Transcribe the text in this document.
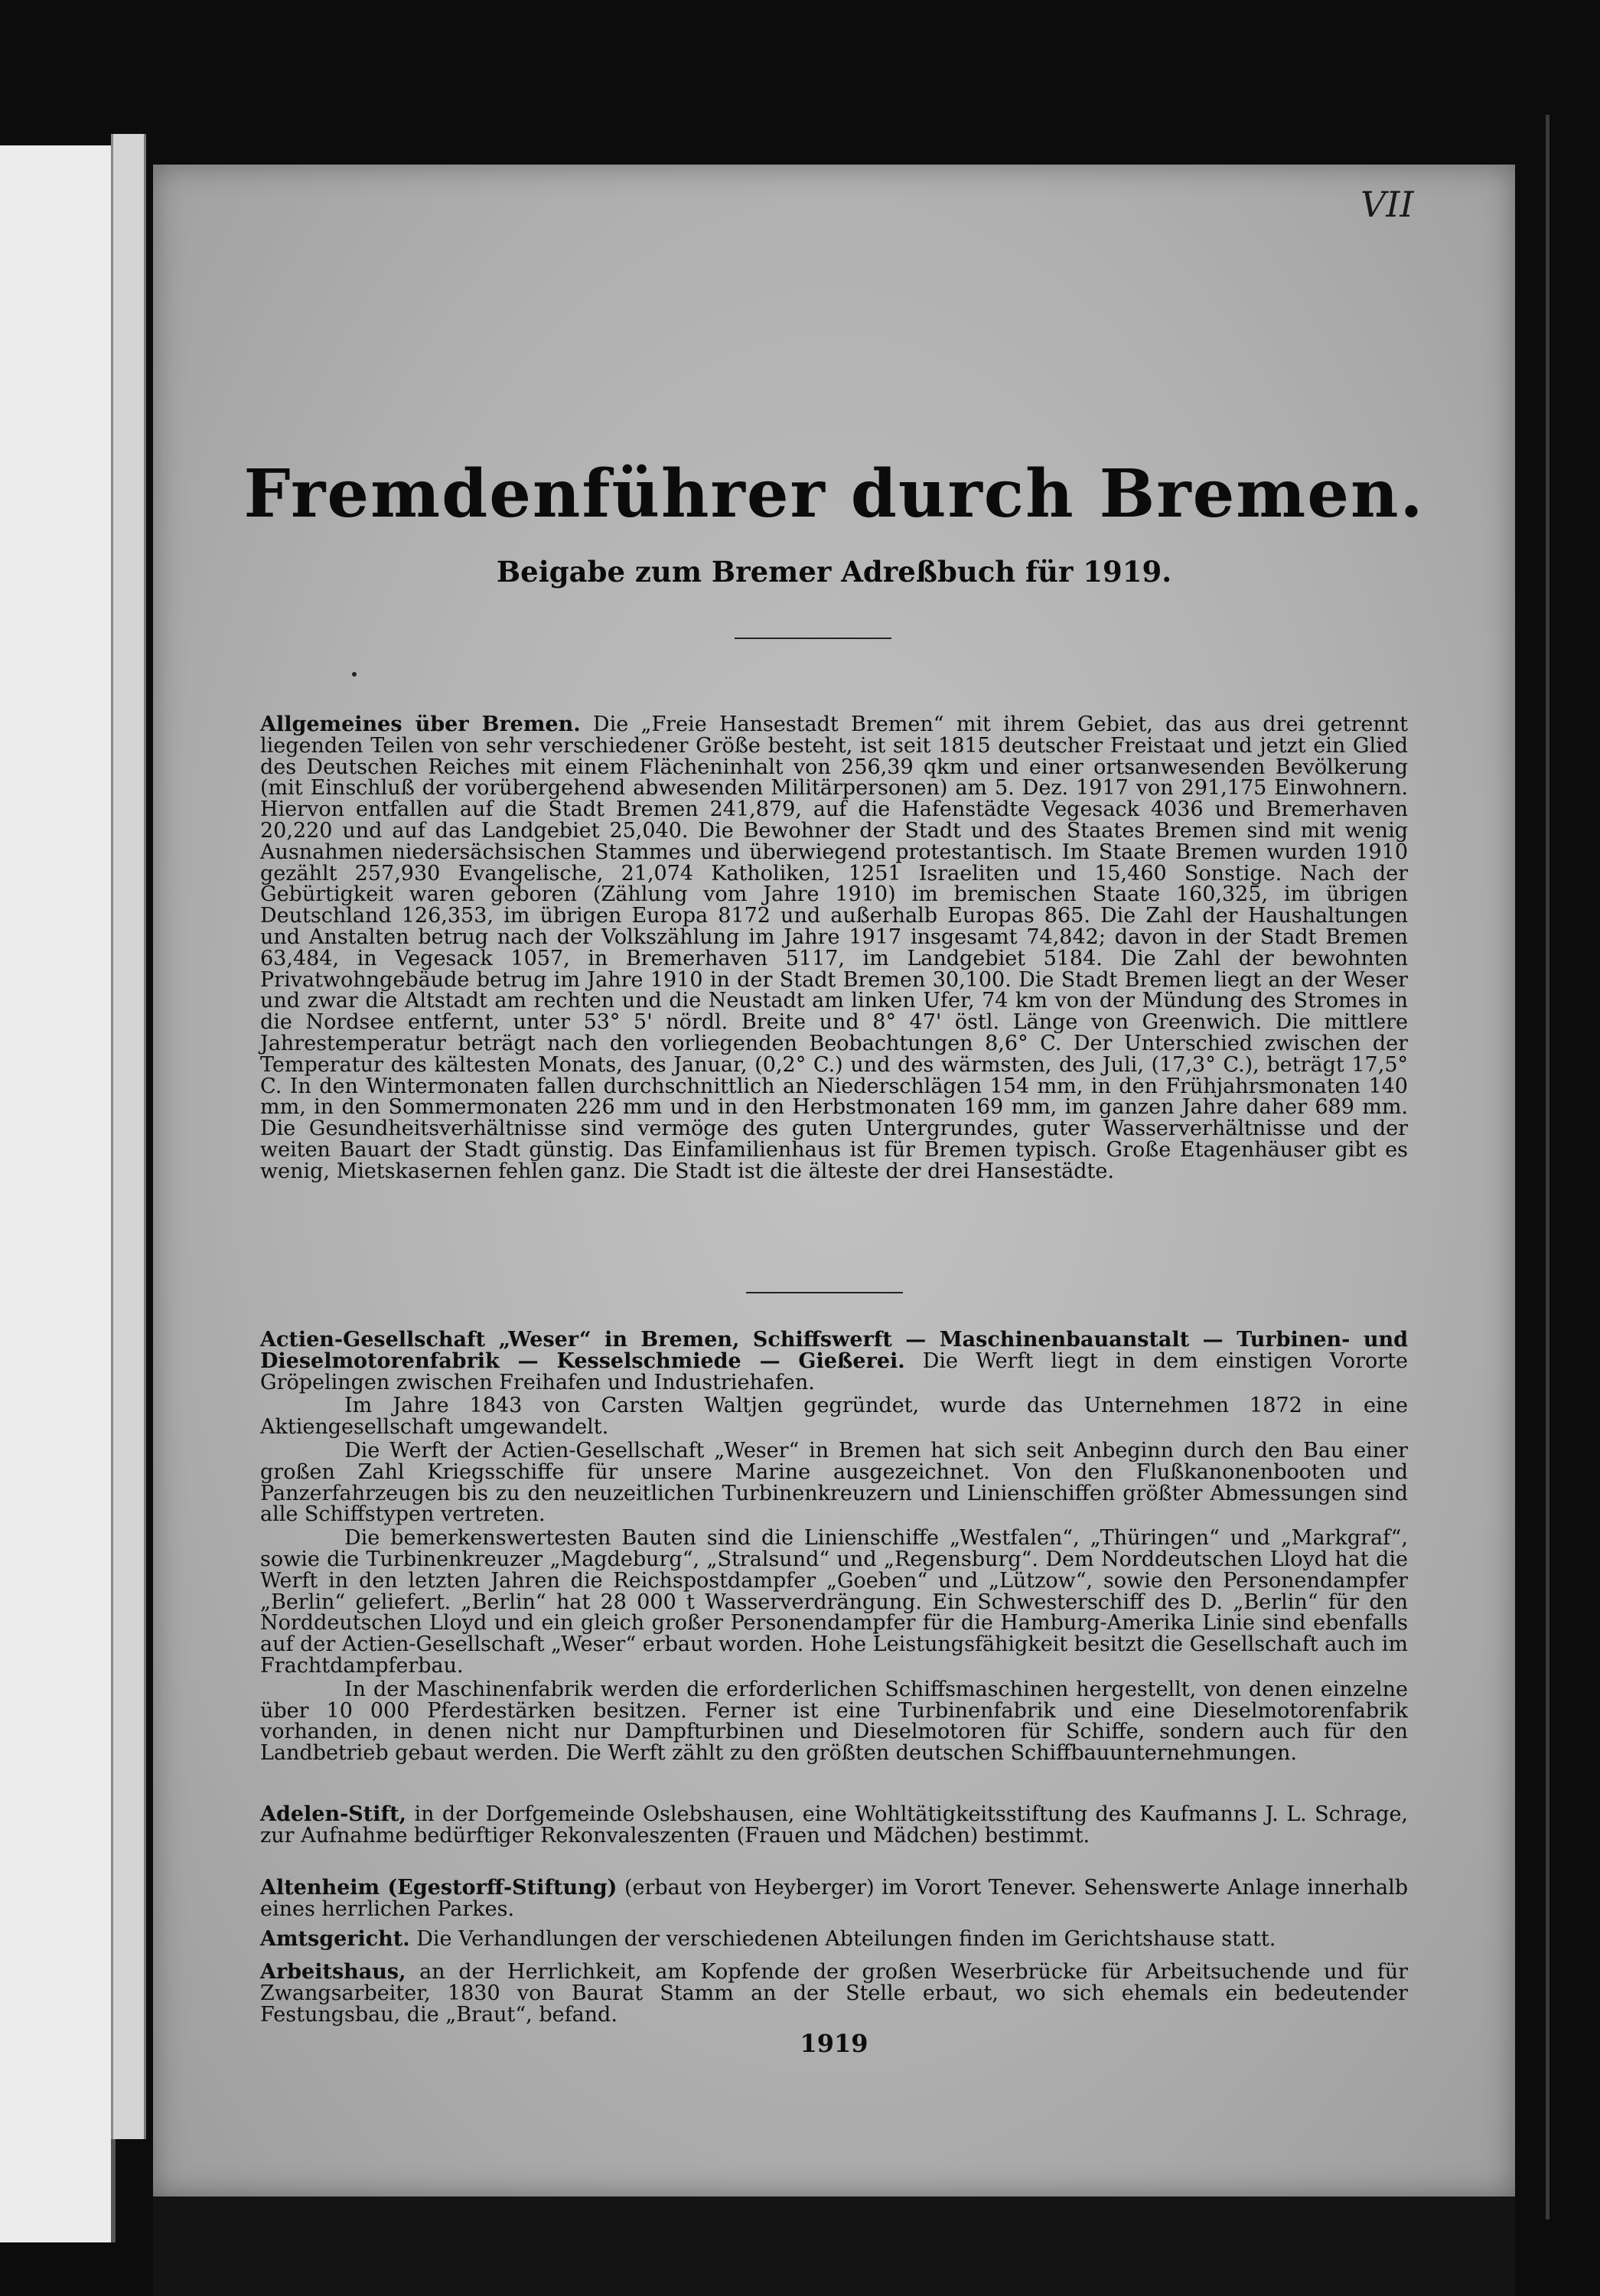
VII
Fremdenführer durch Bremen.
Beigabe zum Bremer Adreßbuch für 1919.

Allgemeines über Bremen. Die „Freie Hansestadt Bremen“ mit ihrem Gebiet, das aus drei getrennt liegenden Teilen von sehr verschiedener Größe besteht, ist seit 1815 deutscher Freistaat und jetzt ein Glied des Deutschen Reiches mit einem Flächeninhalt von 256,39 qkm und einer ortsanwesenden Bevölkerung (mit Einschluß der vorübergehend abwesenden Militärpersonen) am 5. Dez. 1917 von 291,175 Einwohnern. Hiervon entfallen auf die Stadt Bremen 241,879, auf die Hafenstädte Vegesack 4036 und Bremerhaven 20,220 und auf das Landgebiet 25,040. Die Bewohner der Stadt und des Staates Bremen sind mit wenig Ausnahmen niedersächsischen Stammes und überwiegend protestantisch. Im Staate Bremen wurden 1910 gezählt 257,930 Evangelische, 21,074 Katholiken, 1251 Israeliten und 15,460 Sonstige. Nach der Gebürtigkeit waren geboren (Zählung vom Jahre 1910) im bremischen Staate 160,325, im übrigen Deutschland 126,353, im übrigen Europa 8172 und außerhalb Europas 865. Die Zahl der Haushaltungen und Anstalten betrug nach der Volkszählung im Jahre 1917 insgesamt 74,842; davon in der Stadt Bremen 63,484, in Vegesack 1057, in Bremerhaven 5117, im Landgebiet 5184. Die Zahl der bewohnten Privatwohngebäude betrug im Jahre 1910 in der Stadt Bremen 30,100. Die Stadt Bremen liegt an der Weser und zwar die Altstadt am rechten und die Neustadt am linken Ufer, 74 km von der Mündung des Stromes in die Nordsee entfernt, unter 53° 5' nördl. Breite und 8° 47' östl. Länge von Greenwich. Die mittlere Jahrestemperatur beträgt nach den vorliegenden Beobachtungen 8,6° C. Der Unterschied zwischen der Temperatur des kältesten Monats, des Januar, (0,2° C.) und des wärmsten, des Juli, (17,3° C.), beträgt 17,5° C. In den Wintermonaten fallen durchschnittlich an Niederschlägen 154 mm, in den Frühjahrsmonaten 140 mm, in den Sommermonaten 226 mm und in den Herbstmonaten 169 mm, im ganzen Jahre daher 689 mm. Die Gesundheitsverhältnisse sind vermöge des guten Untergrundes, guter Wasserverhältnisse und der weiten Bauart der Stadt günstig. Das Einfamilienhaus ist für Bremen typisch. Große Etagenhäuser gibt es wenig, Mietskasernen fehlen ganz. Die Stadt ist die älteste der drei Hansestädte.

Actien-Gesellschaft „Weser“ in Bremen, Schiffswerft — Maschinenbauanstalt — Turbinen- und Dieselmotorenfabrik — Kesselschmiede — Gießerei. Die Werft liegt in dem einstigen Vororte Gröpelingen zwischen Freihafen und Industriehafen.

Im Jahre 1843 von Carsten Waltjen gegründet, wurde das Unternehmen 1872 in eine Aktiengesellschaft umgewandelt.

Die Werft der Actien-Gesellschaft „Weser“ in Bremen hat sich seit Anbeginn durch den Bau einer großen Zahl Kriegsschiffe für unsere Marine ausgezeichnet. Von den Flußkanonenbooten und Panzerfahrzeugen bis zu den neuzeitlichen Turbinenkreuzern und Linienschiffen größter Abmessungen sind alle Schiffstypen vertreten.

Die bemerkenswertesten Bauten sind die Linienschiffe „Westfalen“, „Thüringen“ und „Markgraf“, sowie die Turbinenkreuzer „Magdeburg“, „Stralsund“ und „Regensburg“. Dem Norddeutschen Lloyd hat die Werft in den letzten Jahren die Reichspostdampfer „Goeben“ und „Lützow“, sowie den Personendampfer „Berlin“ geliefert. „Berlin“ hat 28 000 t Wasserverdrängung. Ein Schwesterschiff des D. „Berlin“ für den Norddeutschen Lloyd und ein gleich großer Personendampfer für die Hamburg-Amerika Linie sind ebenfalls auf der Actien-Gesellschaft „Weser“ erbaut worden. Hohe Leistungsfähigkeit besitzt die Gesellschaft auch im Frachtdampferbau.

In der Maschinenfabrik werden die erforderlichen Schiffsmaschinen hergestellt, von denen einzelne über 10 000 Pferdestärken besitzen. Ferner ist eine Turbinenfabrik und eine Dieselmotorenfabrik vorhanden, in denen nicht nur Dampfturbinen und Dieselmotoren für Schiffe, sondern auch für den Landbetrieb gebaut werden. Die Werft zählt zu den größten deutschen Schiffbauunternehmungen.

Adelen-Stift, in der Dorfgemeinde Oslebshausen, eine Wohltätigkeitsstiftung des Kaufmanns J. L. Schrage, zur Aufnahme bedürftiger Rekonvaleszenten (Frauen und Mädchen) bestimmt.

Altenheim (Egestorff-Stiftung) (erbaut von Heyberger) im Vorort Tenever. Sehenswerte Anlage innerhalb eines herrlichen Parkes.

Amtsgericht. Die Verhandlungen der verschiedenen Abteilungen finden im Gerichtshause statt.

Arbeitshaus, an der Herrlichkeit, am Kopfende der großen Weserbrücke für Arbeitsuchende und für Zwangsarbeiter, 1830 von Baurat Stamm an der Stelle erbaut, wo sich ehemals ein bedeutender Festungsbau, die „Braut“, befand.

1919
